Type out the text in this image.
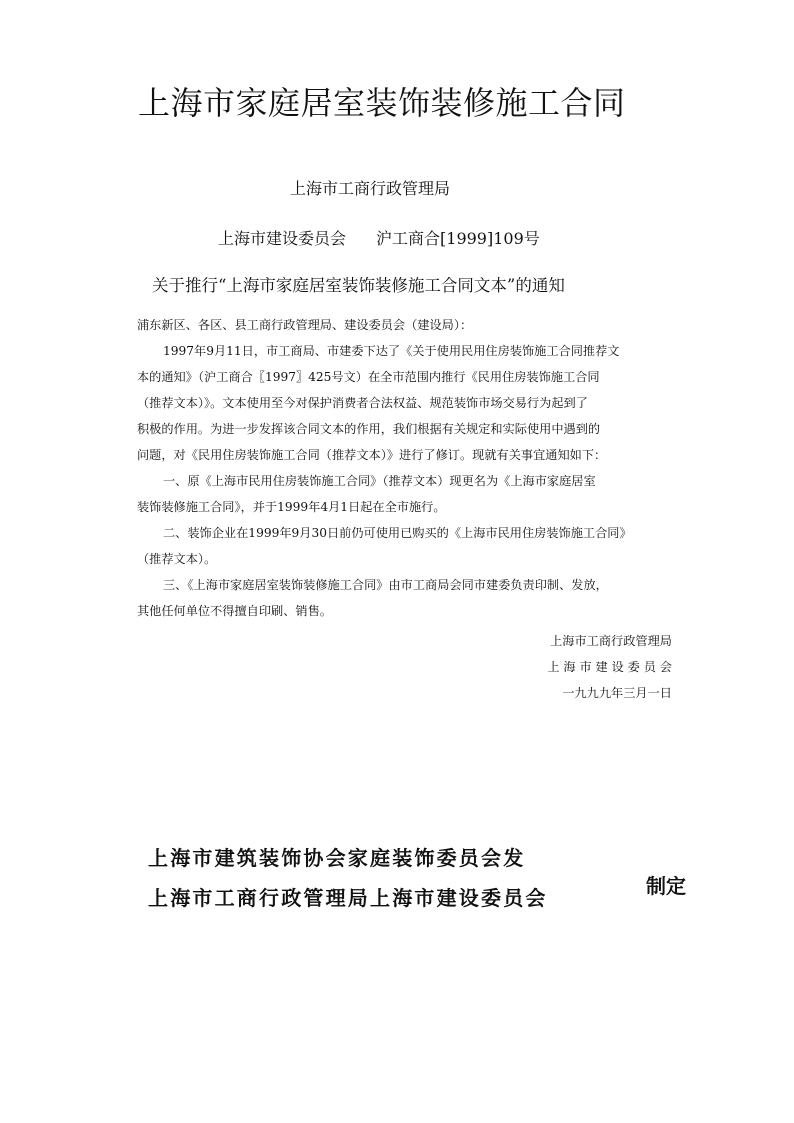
上海市家庭居室装饰装修施工合同
上海市工商行政管理局
上海市建设委员会 沪工商合[1999]109号
关于推行“上海市家庭居室装饰装修施工合同文本”的通知
浦东新区、各区、县工商行政管理局、建设委员会（建设局）：
1997年9月11日，市工商局、市建委下达了《关于使用民用住房装饰施工合同推荐文
本的通知》（沪工商合〖1997〗425号文）在全市范围内推行《民用住房装饰施工合同
（推荐文本）》。文本使用至今对保护消费者合法权益、规范装饰市场交易行为起到了
积极的作用。为进一步发挥该合同文本的作用，我们根据有关规定和实际使用中遇到的
问题，对《民用住房装饰施工合同（推荐文本）》进行了修订。现就有关事宜通知如下：
一、原《上海市民用住房装饰施工合同》（推荐文本）现更名为《上海市家庭居室
装饰装修施工合同》，并于1999年4月1日起在全市施行。
二、装饰企业在1999年9月30日前仍可使用已购买的《上海市民用住房装饰施工合同》
（推荐文本）。
三、《上海市家庭居室装饰装修施工合同》由市工商局会同市建委负责印制、发放，
其他任何单位不得擅自印刷、销售。
上海市工商行政管理局
上 海 市 建 设 委 员 会
一九九九年三月一日
上海市建筑装饰协会家庭装饰委员会发
上海市工商行政管理局上海市建设委员会	制定
